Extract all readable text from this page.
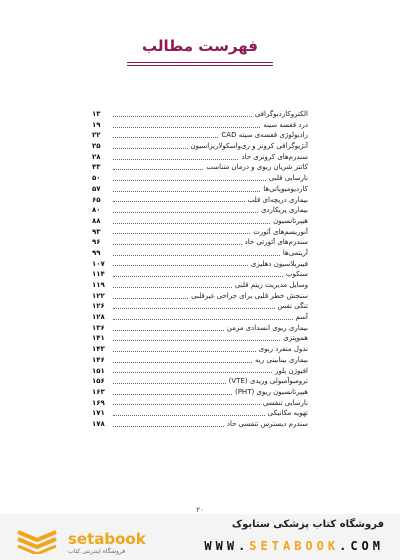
فهرست مطالب
الکتروکاردیوگرافی
۱۳
درد قفسه سینه
۱۹
رادیولوژی قفسه‌ی سینه CAD
۲۲
آنژیوگرافی کرونر و ری‌واسکولاریزاسیون
۲۵
سندرم‌های کرونری حاد
۲۸
کاتتر شریان ریوی و درمان متناسب
۴۳
نارسایی قلبی
۵۰
کاردیومیوپاتی‌ها
۵۷
بیماری دریچه‌ای قلب
۶۵
بیماری پریکاردی
۸۰
هیپرتانسیون
۸۸
آنوریسم‌های آئورت
۹۳
سندرم‌های آئورتی حاد
۹۶
آریتمی‌ها
۹۹
فیبریلاسیون دهلیزی
۱۰۷
سنکوپ
۱۱۴
وسایل مدیریت ریتم قلبی
۱۱۹
سنجش خطر قلبی برای جراحی غیرقلبی
۱۲۲
تنگی نفس
۱۲۶
آسم
۱۲۸
بیماری ریوی انسدادی مزمن
۱۳۶
هموپتزی
۱۴۱
ندول منفرد ریوی
۱۴۳
بیماری بینابینی ریه
۱۴۶
افیوژن پلور
۱۵۱
ترومبوآمبولی وریدی (VTE)
۱۵۶
هیپرتانسیون ریوی (PHT)
۱۶۳
نارسایی تنفسی
۱۶۹
تهویه مکانیکی
۱۷۱
سندرم دیسترس تنفسی حاد
۱۷۸
۲۰
setabook
فروشگاه اینترنتی کتاب
فروشگاه کتاب پزشکی ستابوک
WWW.SETABOOK.COM
